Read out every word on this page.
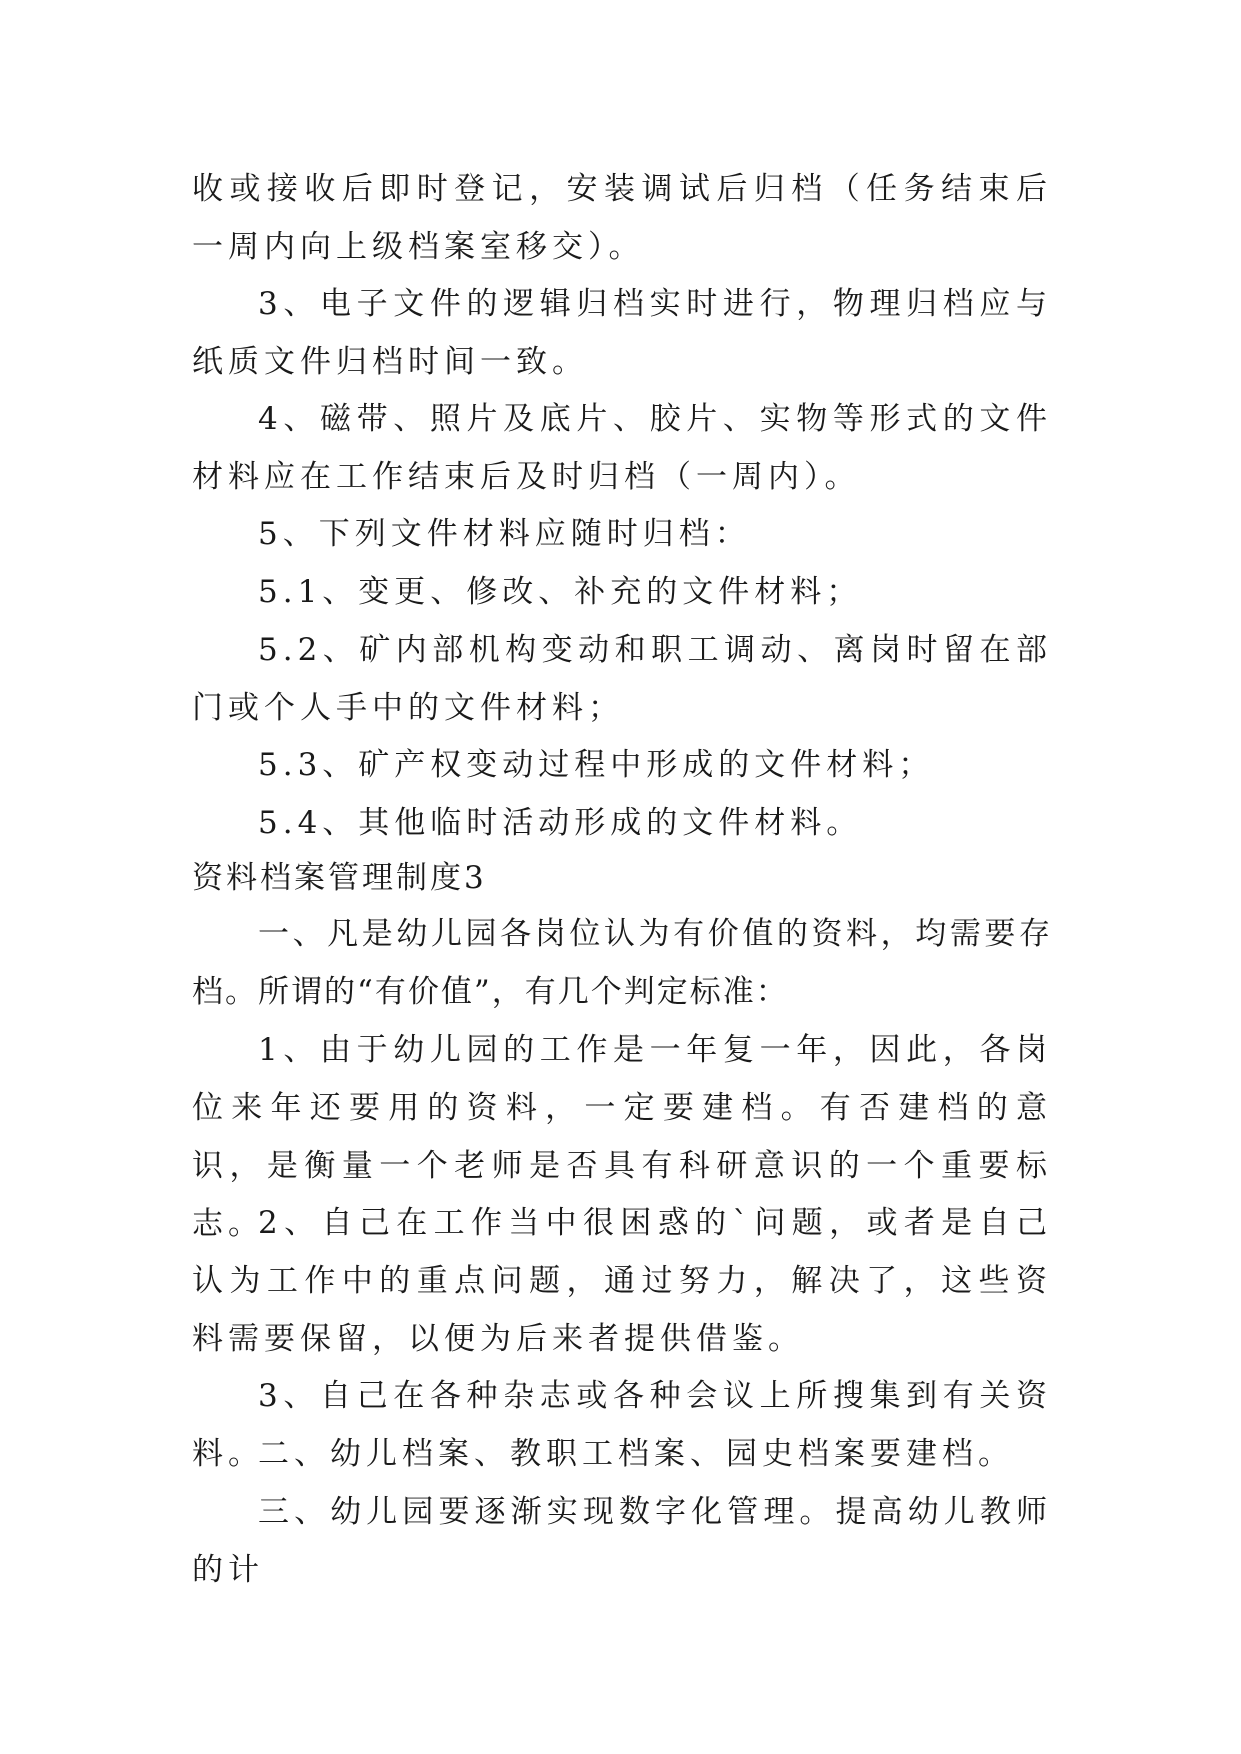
收或接收后即时登记，安装调试后归档（任务结束后一周内向上级档案室移交）。

3、电子文件的逻辑归档实时进行，物理归档应与纸质文件归档时间一致。

4、磁带、照片及底片、胶片、实物等形式的文件材料应在工作结束后及时归档（一周内）。

5、下列文件材料应随时归档：

5.1、变更、修改、补充的文件材料；

5.2、矿内部机构变动和职工调动、离岗时留在部门或个人手中的文件材料；

5.3、矿产权变动过程中形成的文件材料；

5.4、其他临时活动形成的文件材料。

资料档案管理制度3

一、凡是幼儿园各岗位认为有价值的资料，均需要存档。 所谓的“有价值”，有几个判定标准：

1、由于幼儿园的工作是一年复一年，因此，各岗位来年还要用的资料，一定要建档。有否建档的意识，是衡量一个老师是否具有科研意识的一个重要标志。

2、自己在工作当中很困惑的`问题，或者是自己认为工作中的重点问题，通过努力，解决了，这些资料需要保留，以便为后来者提供借鉴。

3、自己在各种杂志或各种会议上所搜集到有关资料。

二、幼儿档案、教职工档案、园史档案要建档。

三、幼儿园要逐渐实现数字化管理。提高幼儿教师的计
